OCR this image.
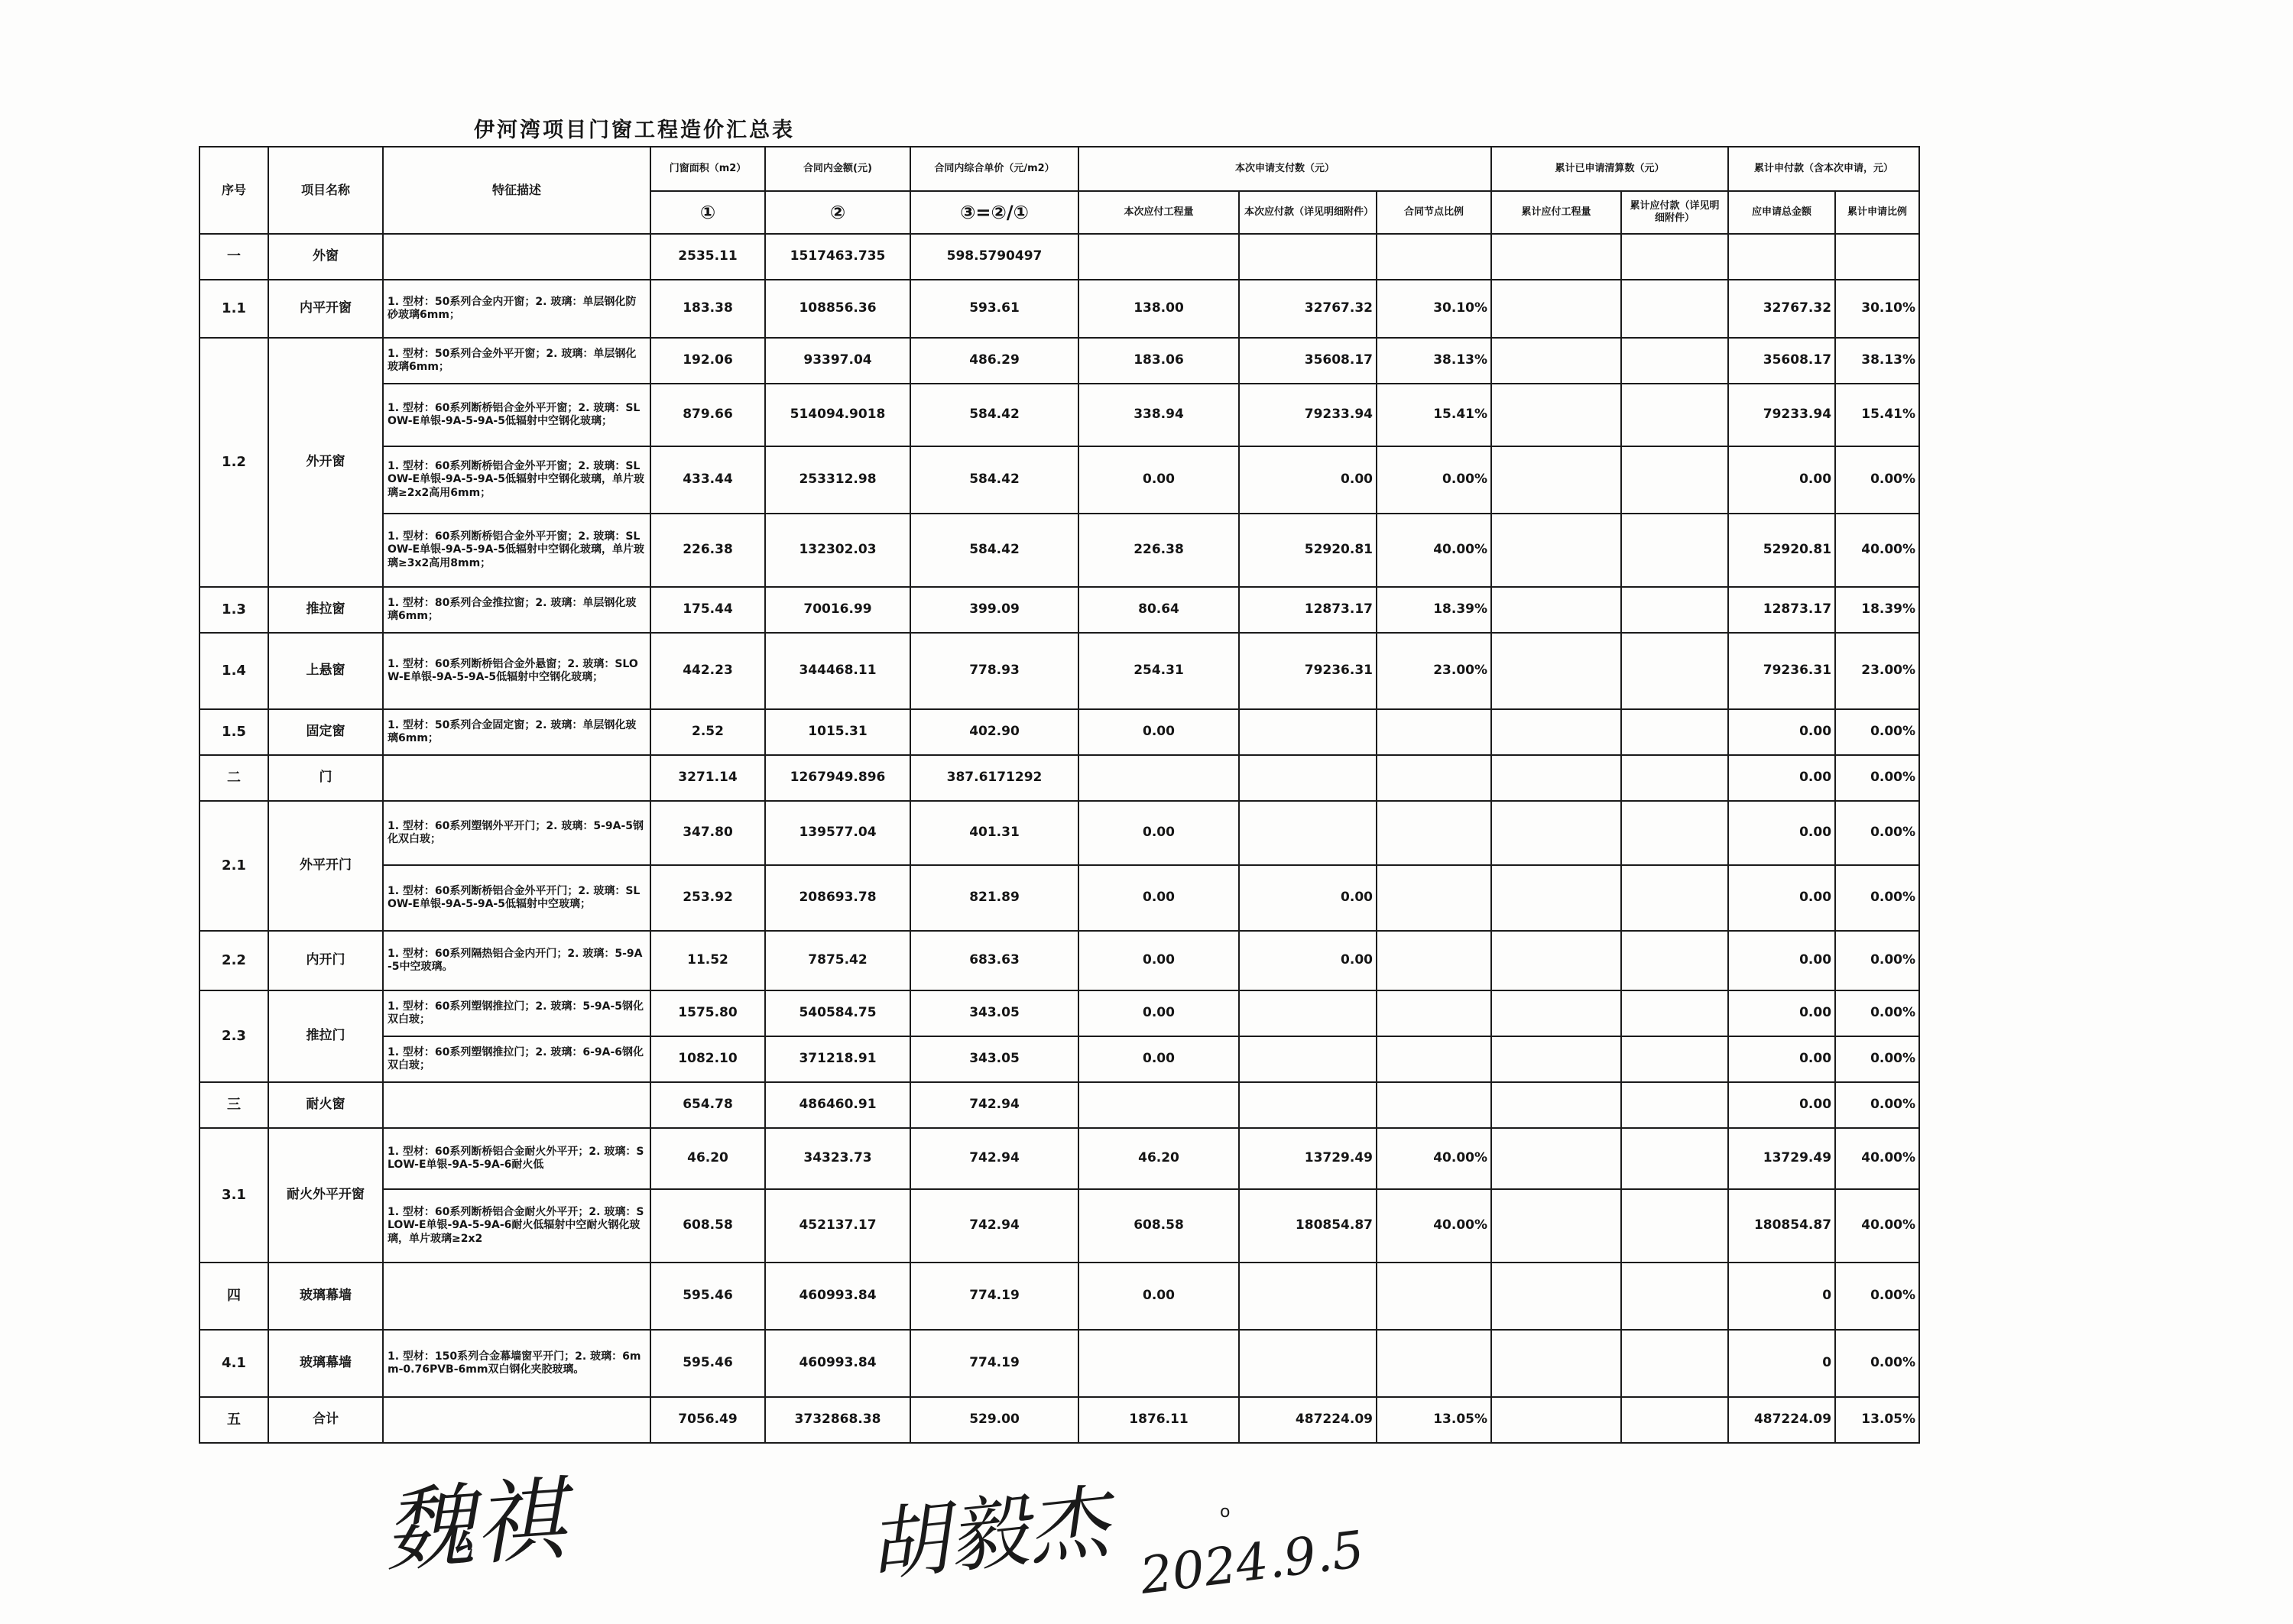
伊河湾项目门窗工程造价汇总表
序号	项目名称	特征描述	门窗面积（m2）	合同内金额(元)	合同内综合单价（元/m2）	本次申请支付数（元）			累计已申请清算数（元）		累计申付款（含本次申请，元）	
			①	②	③=②/①	本次应付工程量	本次应付款（详见明细附件）	合同节点比例	累计应付工程量	累计应付款（详见明细附件）	应申请总金额	累计申请比例
一	外窗		2535.11	1517463.735	598.5790497							
1.1	内平开窗	1. 型材：50系列合金内开窗；2. 玻璃：单层钢化防砂玻璃6mm；	183.38	108856.36	593.61	138.00	32767.32	30.10%			32767.32	30.10%
1.2	外开窗	1. 型材：50系列合金外平开窗；2. 玻璃：单层钢化玻璃6mm；	192.06	93397.04	486.29	183.06	35608.17	38.13%			35608.17	38.13%
		1. 型材：60系列断桥铝合金外平开窗；2. 玻璃：SLOW-E单银-9A-5-9A-5低辐射中空钢化玻璃；	879.66	514094.9018	584.42	338.94	79233.94	15.41%			79233.94	15.41%
		1. 型材：60系列断桥铝合金外平开窗；2. 玻璃：SLOW-E单银-9A-5-9A-5低辐射中空钢化玻璃，单片玻璃≥2x2高用6mm；	433.44	253312.98	584.42	0.00	0.00	0.00%			0.00	0.00%
		1. 型材：60系列断桥铝合金外平开窗；2. 玻璃：SLOW-E单银-9A-5-9A-5低辐射中空钢化玻璃，单片玻璃≥3x2高用8mm；	226.38	132302.03	584.42	226.38	52920.81	40.00%			52920.81	40.00%
1.3	推拉窗	1. 型材：80系列合金推拉窗；2. 玻璃：单层钢化玻璃6mm；	175.44	70016.99	399.09	80.64	12873.17	18.39%			12873.17	18.39%
1.4	上悬窗	1. 型材：60系列断桥铝合金外悬窗；2. 玻璃：SLOW-E单银-9A-5-9A-5低辐射中空钢化玻璃；	442.23	344468.11	778.93	254.31	79236.31	23.00%			79236.31	23.00%
1.5	固定窗	1. 型材：50系列合金固定窗；2. 玻璃：单层钢化玻璃6mm；	2.52	1015.31	402.90	0.00					0.00	0.00%
二	门		3271.14	1267949.896	387.6171292						0.00	0.00%
2.1	外平开门	1. 型材：60系列塑钢外平开门；2. 玻璃：5-9A-5钢化双白玻；	347.80	139577.04	401.31	0.00					0.00	0.00%
		1. 型材：60系列断桥铝合金外平开门；2. 玻璃：SLOW-E单银-9A-5-9A-5低辐射中空玻璃；	253.92	208693.78	821.89	0.00	0.00				0.00	0.00%
2.2	内开门	1. 型材：60系列隔热铝合金内开门；2. 玻璃：5-9A-5中空玻璃。	11.52	7875.42	683.63	0.00	0.00				0.00	0.00%
2.3	推拉门	1. 型材：60系列塑钢推拉门；2. 玻璃：5-9A-5钢化双白玻；	1575.80	540584.75	343.05	0.00					0.00	0.00%
		1. 型材：60系列塑钢推拉门；2. 玻璃：6-9A-6钢化双白玻；	1082.10	371218.91	343.05	0.00					0.00	0.00%
三	耐火窗		654.78	486460.91	742.94						0.00	0.00%
3.1	耐火外平开窗	1. 型材：60系列断桥铝合金耐火外平开；2. 玻璃：SLOW-E单银-9A-5-9A-6耐火低	46.20	34323.73	742.94	46.20	13729.49	40.00%			13729.49	40.00%
		1. 型材：60系列断桥铝合金耐火外平开；2. 玻璃：SLOW-E单银-9A-5-9A-6耐火低辐射中空耐火钢化玻璃，单片玻璃≥2x2	608.58	452137.17	742.94	608.58	180854.87	40.00%			180854.87	40.00%
四	玻璃幕墙		595.46	460993.84	774.19	0.00					0	0.00%
4.1	玻璃幕墙	1. 型材：150系列合金幕墙窗平开门；2. 玻璃：6mm-0.76PVB-6mm双白钢化夹胶玻璃。	595.46	460993.84	774.19						0	0.00%
五	合计		7056.49	3732868.38	529.00	1876.11	487224.09	13.05%			487224.09	13.05%
魏祺	胡毅杰	o
2024.9.5
